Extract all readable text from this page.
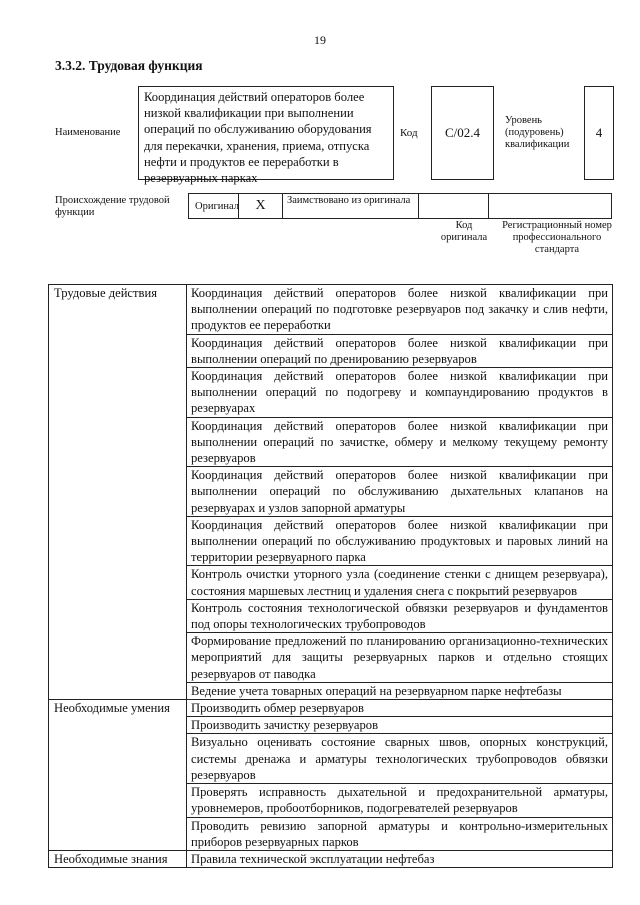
19
3.3.2. Трудовая функция
Наименование
Координация действий операторов более низкой квалификации при выполнении операций по обслуживанию оборудования для перекачки, хранения, приема, отпуска нефти и продуктов ее переработки в резервуарных парках
Код	С/02.4
Уровень (подуровень) квалификации
4
Происхождение трудовой функции
Оригинал	X	Заимствовано из оригинала
Код оригинала
Регистрационный номер профессионального стандарта
Трудовые действия	Координация действий операторов более низкой квалификации при выполнении операций по подготовке резервуаров под закачку и слив нефти, продуктов ее переработки
	Координация действий операторов более низкой квалификации при выполнении операций по дренированию резервуаров
	Координация действий операторов более низкой квалификации при выполнении операций по подогреву и компаундированию продуктов в резервуарах
	Координация действий операторов более низкой квалификации при выполнении операций по зачистке, обмеру и мелкому текущему ремонту резервуаров
	Координация действий операторов более низкой квалификации при выполнении операций по обслуживанию дыхательных клапанов на резервуарах и узлов запорной арматуры
	Координация действий операторов более низкой квалификации при выполнении операций по обслуживанию продуктовых и паровых линий на территории резервуарного парка
	Контроль очистки уторного узла (соединение стенки с днищем резервуара), состояния маршевых лестниц и удаления снега с покрытий резервуаров
	Контроль состояния технологической обвязки резервуаров и фундаментов под опоры технологических трубопроводов
	Формирование предложений по планированию организационно-технических мероприятий для защиты резервуарных парков и отдельно стоящих резервуаров от паводка
	Ведение учета товарных операций на резервуарном парке нефтебазы
Необходимые умения	Производить обмер резервуаров
	Производить зачистку резервуаров
	Визуально оценивать состояние сварных швов, опорных конструкций, системы дренажа и арматуры технологических трубопроводов обвязки резервуаров
	Проверять исправность дыхательной и предохранительной арматуры, уровнемеров, пробоотборников, подогревателей резервуаров
	Проводить ревизию запорной арматуры и контрольно-измерительных приборов резервуарных парков
Необходимые знания	Правила технической эксплуатации нефтебаз
